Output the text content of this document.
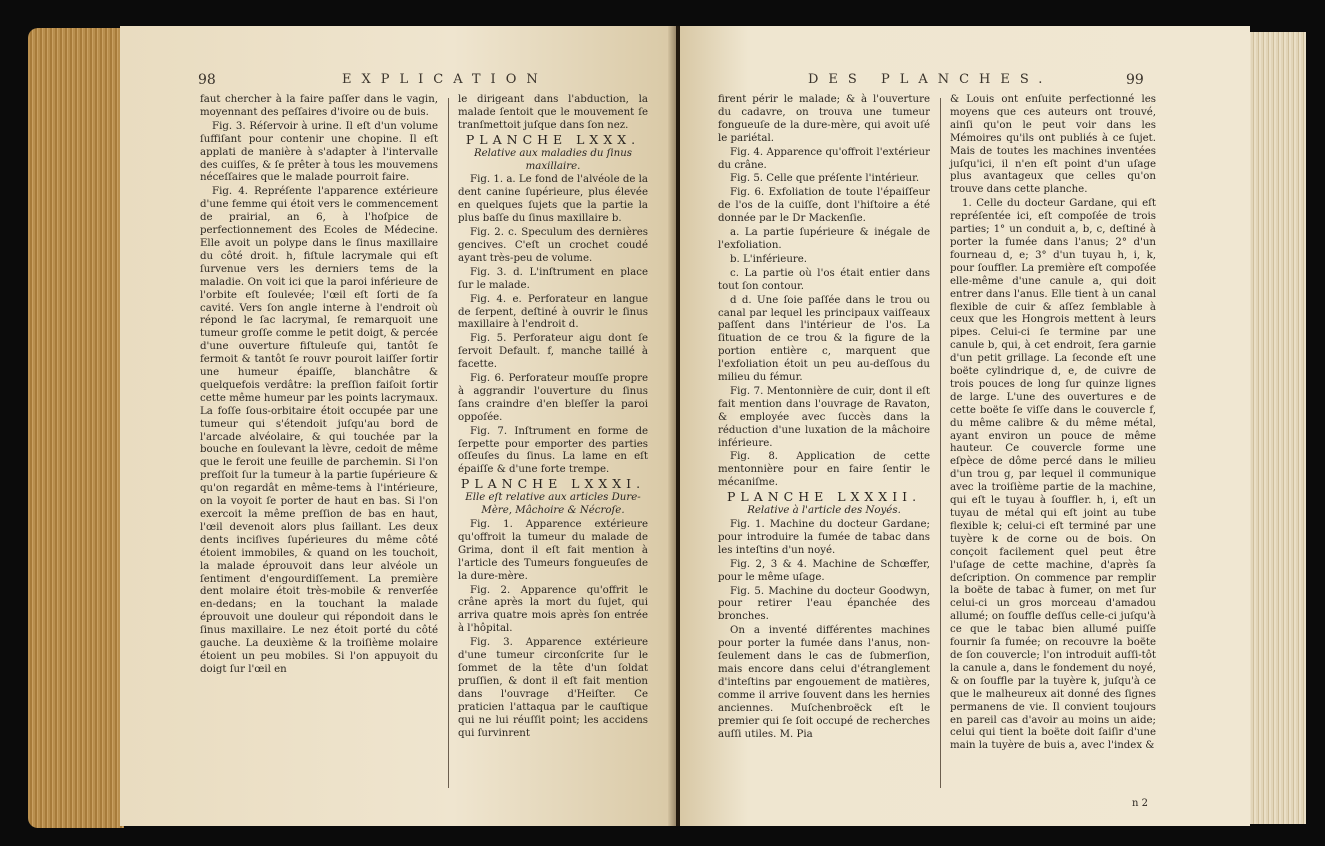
98	EXPLICATION

faut chercher à la faire paſſer dans le vagin, moyennant des peſſaires d'ivoire ou de buis.

Fig. 3. Réſervoir à urine. Il eſt d'un volume ſuffiſant pour contenir une chopine. Il eſt applati de manière à s'adapter à l'intervalle des cuiſſes, & ſe prêter à tous les mouvemens néceſſaires que le malade pourroit faire.

Fig. 4. Repréſente l'apparence extérieure d'une femme qui étoit vers le commencement de prairial, an 6, à l'hoſpice de perfectionnement des Ecoles de Médecine. Elle avoit un polype dans le ſinus maxillaire du côté droit. h, fiſtule lacrymale qui eſt ſurvenue vers les derniers tems de la maladie. On voit ici que la paroi inférieure de l'orbite eſt ſoulevée; l'œil eſt ſorti de ſa cavité. Vers ſon angle interne à l'endroit où répond le ſac lacrymal, ſe remarquoit une tumeur groſſe comme le petit doigt, & percée d'une ouverture fiſtuleuſe qui, tantôt ſe fermoit & tantôt ſe rouvr pouroit laiſſer ſortir une humeur épaiſſe, blanchâtre & quelquefois verdâtre: la preſſion faiſoit ſortir cette même humeur par les points lacrymaux. La foſſe ſous-orbitaire étoit occupée par une tumeur qui s'étendoit juſqu'au bord de l'arcade alvéolaire, & qui touchée par la bouche en ſoulevant la lèvre, cedoit de même que le feroit une feuille de parchemin. Si l'on preſſoit ſur la tumeur à la partie ſupérieure & qu'on regardât en même-tems à l'intérieure, on la voyoit ſe porter de haut en bas. Si l'on exercoit la même preſſion de bas en haut, l'œil devenoit alors plus ſaillant. Les deux dents inciſives ſupérieures du même côté étoient immobiles, & quand on les touchoit, la malade éprouvoit dans leur alvéole un ſentiment d'engourdiſſement. La première dent molaire étoit très-mobile & renverſée en-dedans; en la touchant la malade éprouvoit une douleur qui répondoit dans le ſinus maxillaire. Le nez étoit porté du côté gauche. La deuxième & la troiſième molaire étoient un peu mobiles. Si l'on appuyoit du doigt ſur l'œil en

le dirigeant dans l'abduction, la malade ſentoit que le mouvement ſe tranſmettoit juſque dans ſon nez.

PLANCHE LXXX.

Relative aux maladies du ſinus maxillaire.

Fig. 1. a. Le fond de l'alvéole de la dent canine ſupérieure, plus élevée en quelques ſujets que la partie la plus baſſe du ſinus maxillaire b.

Fig. 2. c. Speculum des dernières gencives. C'eſt un crochet coudé ayant très-peu de volume.

Fig. 3. d. L'inſtrument en place ſur le malade.

Fig. 4. e. Perforateur en langue de ſerpent, deſtiné à ouvrir le ſinus maxillaire à l'endroit d.

Fig. 5. Perforateur aigu dont ſe ſervoit Default. f, manche taillé à facette.

Fig. 6. Perforateur mouſſe propre à aggrandir l'ouverture du ſinus ſans craindre d'en bleſſer la paroi oppoſée.

Fig. 7. Inſtrument en forme de ſerpette pour emporter des parties oſſeuſes du ſinus. La lame en eſt épaiſſe & d'une forte trempe.

PLANCHE LXXXI.

Elle eſt relative aux articles Dure-Mère, Mâchoire & Nécroſe.

Fig. 1. Apparence extérieure qu'offroit la tumeur du malade de Grima, dont il eſt fait mention à l'article des Tumeurs fongueuſes de la dure-mère.

Fig. 2. Apparence qu'offrit le crâne après la mort du ſujet, qui arriva quatre mois après ſon entrée à l'hôpital.

Fig. 3. Apparence extérieure d'une tumeur circonſcrite ſur le ſommet de la tête d'un ſoldat pruſſien, & dont il eſt fait mention dans l'ouvrage d'Heiſter. Ce praticien l'attaqua par le cauſtique qui ne lui réuſſit point; les accidens qui ſurvinrent

DES PLANCHES.	99

firent périr le malade; & à l'ouverture du cadavre, on trouva une tumeur fongueuſe de la dure-mère, qui avoit uſé le pariétal.

Fig. 4. Apparence qu'offroit l'extérieur du crâne.

Fig. 5. Celle que préſente l'intérieur.

Fig. 6. Exfoliation de toute l'épaiſſeur de l'os de la cuiſſe, dont l'hiſtoire a été donnée par le Dr Mackenſie.

a. La partie ſupérieure & inégale de l'exfoliation.

b. L'inférieure.

c. La partie où l'os était entier dans tout ſon contour.

d d. Une ſoie paſſée dans le trou ou canal par lequel les principaux vaiſſeaux paſſent dans l'intérieur de l'os. La ſituation de ce trou & la figure de la portion entière c, marquent que l'exfoliation étoit un peu au-deſſous du milieu du fémur.

Fig. 7. Mentonnière de cuir, dont il eſt fait mention dans l'ouvrage de Ravaton, & employée avec ſuccès dans la réduction d'une luxation de la mâchoire inférieure.

Fig. 8. Application de cette mentonnière pour en faire ſentir le mécaniſme.

PLANCHE LXXXII.

Relative à l'article des Noyés.

Fig. 1. Machine du docteur Gardane; pour introduire la fumée de tabac dans les inteſtins d'un noyé.

Fig. 2, 3 & 4. Machine de Schœffer, pour le même uſage.

Fig. 5. Machine du docteur Goodwyn, pour retirer l'eau épanchée des bronches.

On a inventé différentes machines pour porter la fumée dans l'anus, non-ſeulement dans le cas de ſubmerſion, mais encore dans celui d'étranglement d'inteſtins par engouement de matières, comme il arrive ſouvent dans les hernies anciennes. Muſchenbroëck eſt le premier qui ſe ſoit occupé de recherches auſſi utiles. M. Pia

& Louis ont enſuite perfectionné les moyens que ces auteurs ont trouvé, ainſi qu'on le peut voir dans les Mémoires qu'ils ont publiés à ce ſujet. Mais de toutes les machines inventées juſqu'ici, il n'en eſt point d'un uſage plus avantageux que celles qu'on trouve dans cette planche.

1. Celle du docteur Gardane, qui eſt repréſentée ici, eſt compoſée de trois parties; 1° un conduit a, b, c, deſtiné à porter la fumée dans l'anus; 2° d'un fourneau d, e; 3° d'un tuyau h, i, k, pour ſouffler. La première eſt compoſée elle-même d'une canule a, qui doit entrer dans l'anus. Elle tient à un canal flexible de cuir & aſſez ſemblable à ceux que les Hongrois mettent à leurs pipes. Celui-ci ſe termine par une canule b, qui, à cet endroit, ſera garnie d'un petit grillage. La ſeconde eſt une boëte cylindrique d, e, de cuivre de trois pouces de long ſur quinze lignes de large. L'une des ouvertures e de cette boëte ſe viſſe dans le couvercle f, du même calibre & du même métal, ayant environ un pouce de même hauteur. Ce couvercle forme une eſpèce de dôme percé dans le milieu d'un trou g, par lequel il communique avec la troiſième partie de la machine, qui eſt le tuyau à ſouffler. h, i, eſt un tuyau de métal qui eſt joint au tube flexible k; celui-ci eſt terminé par une tuyère k de corne ou de bois. On conçoit facilement quel peut être l'uſage de cette machine, d'après ſa deſcription. On commence par remplir la boëte de tabac à fumer, on met ſur celui-ci un gros morceau d'amadou allumé; on ſouffle deſſus celle-ci juſqu'à ce que le tabac bien allumé puiſſe fournir ſa fumée; on recouvre la boëte de ſon couvercle; l'on introduit auſſi-tôt la canule a, dans le fondement du noyé, & on ſouffle par la tuyère k, juſqu'à ce que le malheureux ait donné des ſignes permanens de vie. Il convient toujours en pareil cas d'avoir au moins un aide; celui qui tient la boëte doit ſaiſir d'une main la tuyère de buis a, avec l'index &

n 2
